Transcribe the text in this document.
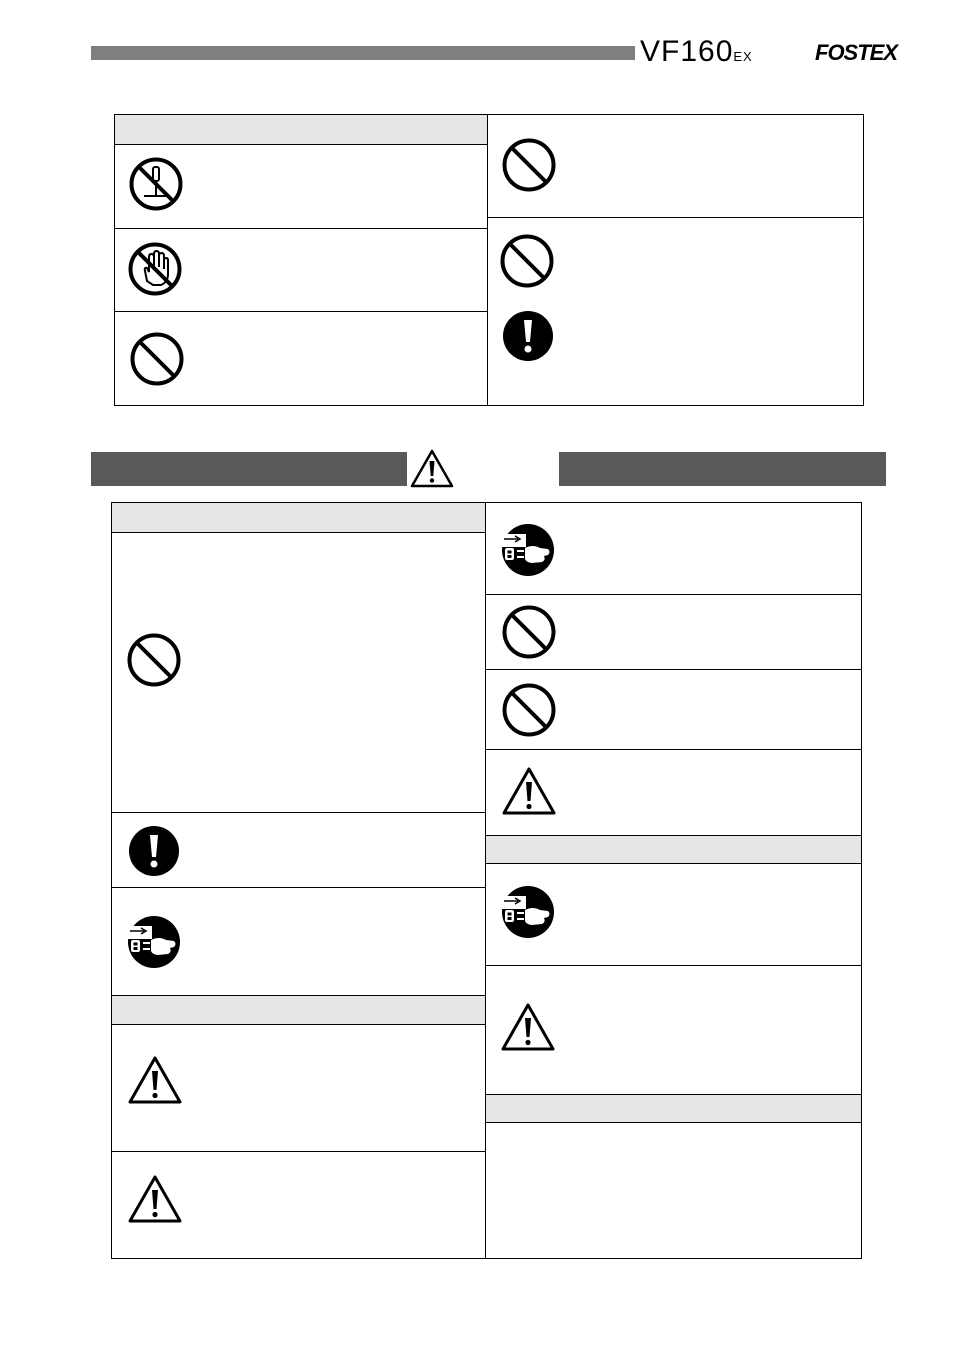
VF160EX	FOSTEX
